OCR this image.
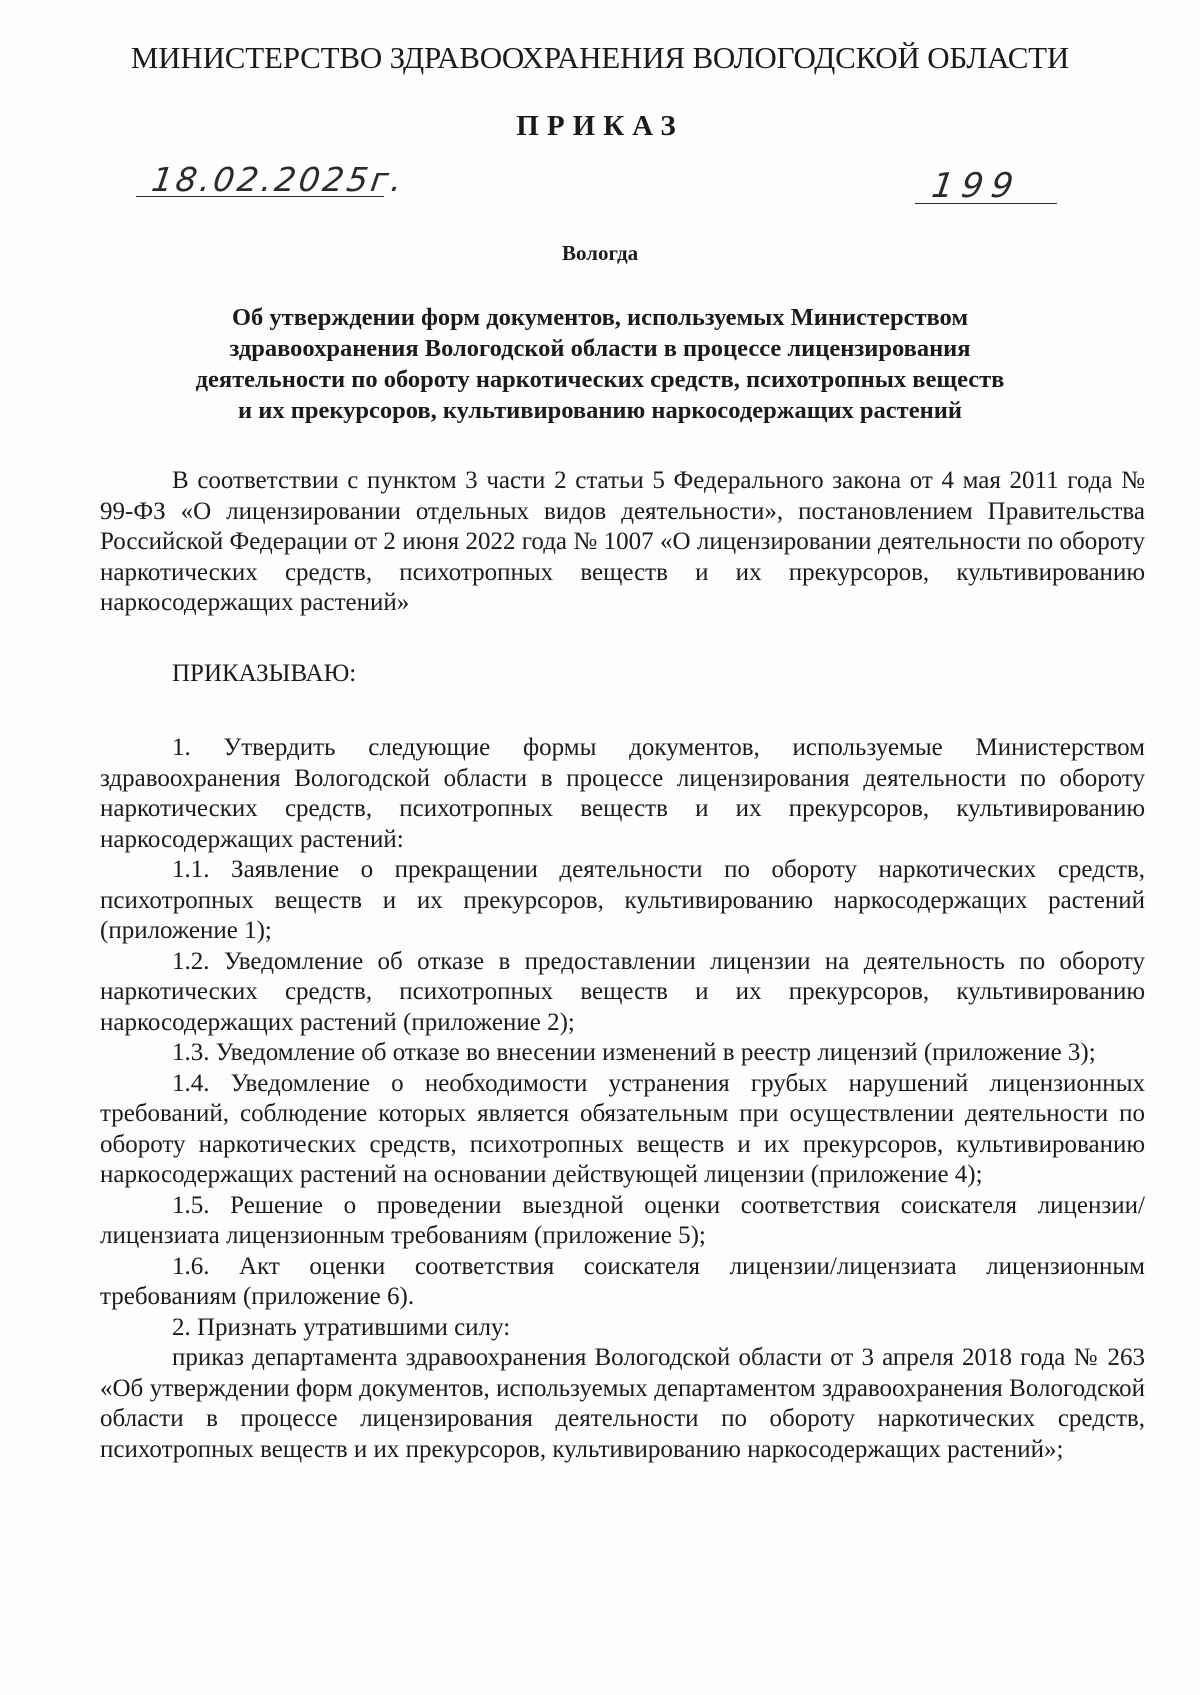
МИНИСТЕРСТВО ЗДРАВООХРАНЕНИЯ ВОЛОГОДСКОЙ ОБЛАСТИ
ПРИКАЗ
18.02.2025г.	199
Вологда
Об утверждении форм документов, используемых Министерством
здравоохранения Вологодской области в процессе лицензирования
деятельности по обороту наркотических средств, психотропных веществ
и их прекурсоров, культивированию наркосодержащих растений

В соответствии с пунктом 3 части 2 статьи 5 Федерального закона от 4 мая 2011 года № 99-ФЗ «О лицензировании отдельных видов деятельности», постановлением Правительства Российской Федерации от 2 июня 2022 года № 1007 «О лицензировании деятельности по обороту наркотических средств, психотропных веществ и их прекурсоров, культивированию наркосодержащих растений»

ПРИКАЗЫВАЮ:

1. Утвердить следующие формы документов, используемые Министерством здравоохранения Вологодской области в процессе лицензирования деятельности по обороту наркотических средств, психотропных веществ и их прекурсоров, культивированию наркосодержащих растений:

1.1. Заявление о прекращении деятельности по обороту наркотических средств, психотропных веществ и их прекурсоров, культивированию наркосодержащих растений (приложение 1);

1.2. Уведомление об отказе в предоставлении лицензии на деятельность по обороту наркотических средств, психотропных веществ и их прекурсоров, культивированию наркосодержащих растений (приложение 2);

1.3. Уведомление об отказе во внесении изменений в реестр лицензий (приложение 3);

1.4. Уведомление о необходимости устранения грубых нарушений лицензионных требований, соблюдение которых является обязательным при осуществлении деятельности по обороту наркотических средств, психотропных веществ и их прекурсоров, культивированию наркосодержащих растений на основании действующей лицензии (приложение 4);

1.5. Решение о проведении выездной оценки соответствия соискателя лицензии/лицензиата лицензионным требованиям (приложение 5);

1.6. Акт оценки соответствия соискателя лицензии/лицензиата лицензионным требованиям (приложение 6).

2. Признать утратившими силу:

приказ департамента здравоохранения Вологодской области от 3 апреля 2018 года № 263 «Об утверждении форм документов, используемых департаментом здравоохранения Вологодской области в процессе лицензирования деятельности по обороту наркотических средств, психотропных веществ и их прекурсоров, культивированию наркосодержащих растений»;
